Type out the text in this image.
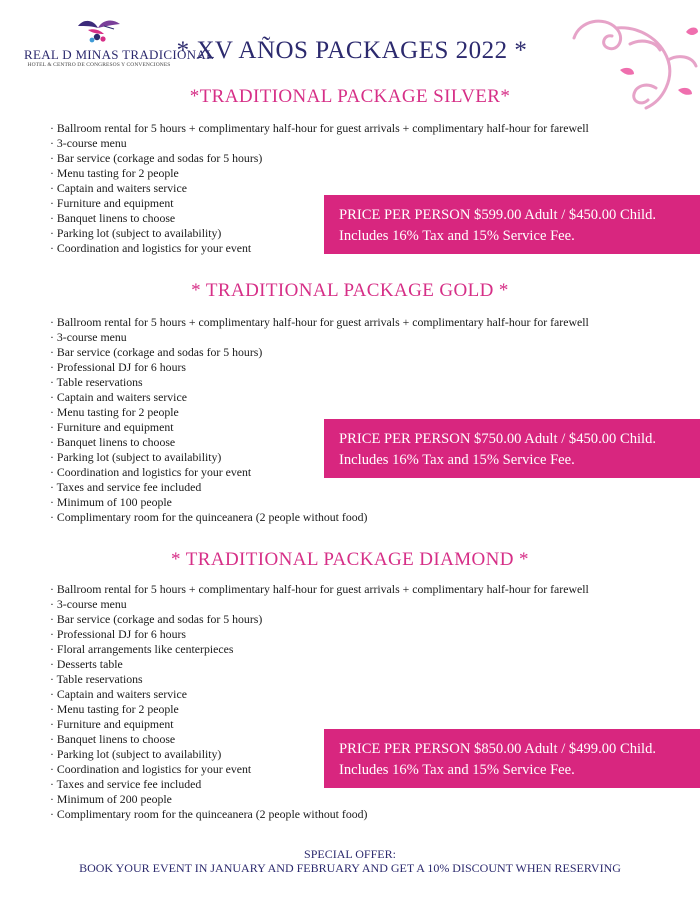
REAL D MINAS TRADICIONAL
HOTEL & CENTRO DE CONGRESOS Y CONVENCIONES
* XV AÑOS PACKAGES 2022 *
*TRADITIONAL PACKAGE SILVER*
· Ballroom rental for 5 hours + complimentary half-hour for guest arrivals + complimentary half-hour for farewell
· 3-course menu
· Bar service (corkage and sodas for 5 hours)
· Menu tasting for 2 people
· Captain and waiters service
· Furniture and equipment
· Banquet linens to choose
· Parking lot (subject to availability)
· Coordination and logistics for your event
PRICE PER PERSON $599.00 Adult / $450.00 Child.
Includes 16% Tax and 15% Service Fee.
* TRADITIONAL PACKAGE GOLD *
· Ballroom rental for 5 hours + complimentary half-hour for guest arrivals + complimentary half-hour for farewell
· 3-course menu
· Bar service (corkage and sodas for 5 hours)
· Professional DJ for 6 hours
· Table reservations
· Captain and waiters service
· Menu tasting for 2 people
· Furniture and equipment
· Banquet linens to choose
· Parking lot (subject to availability)
· Coordination and logistics for your event
· Taxes and service fee included
· Minimum of 100 people
· Complimentary room for the quinceanera (2 people without food)
PRICE PER PERSON $750.00 Adult / $450.00 Child.
Includes 16% Tax and 15% Service Fee.
* TRADITIONAL PACKAGE DIAMOND *
· Ballroom rental for 5 hours + complimentary half-hour for guest arrivals + complimentary half-hour for farewell
· 3-course menu
· Bar service (corkage and sodas for 5 hours)
· Professional DJ for 6 hours
· Floral arrangements like centerpieces
· Desserts table
· Table reservations
· Captain and waiters service
· Menu tasting for 2 people
· Furniture and equipment
· Banquet linens to choose
· Parking lot (subject to availability)
· Coordination and logistics for your event
· Taxes and service fee included
· Minimum of 200 people
· Complimentary room for the quinceanera (2 people without food)
PRICE PER PERSON $850.00 Adult / $499.00 Child.
Includes 16% Tax and 15% Service Fee.
SPECIAL OFFER:
BOOK YOUR EVENT IN JANUARY AND FEBRUARY AND GET A 10% DISCOUNT WHEN RESERVING
